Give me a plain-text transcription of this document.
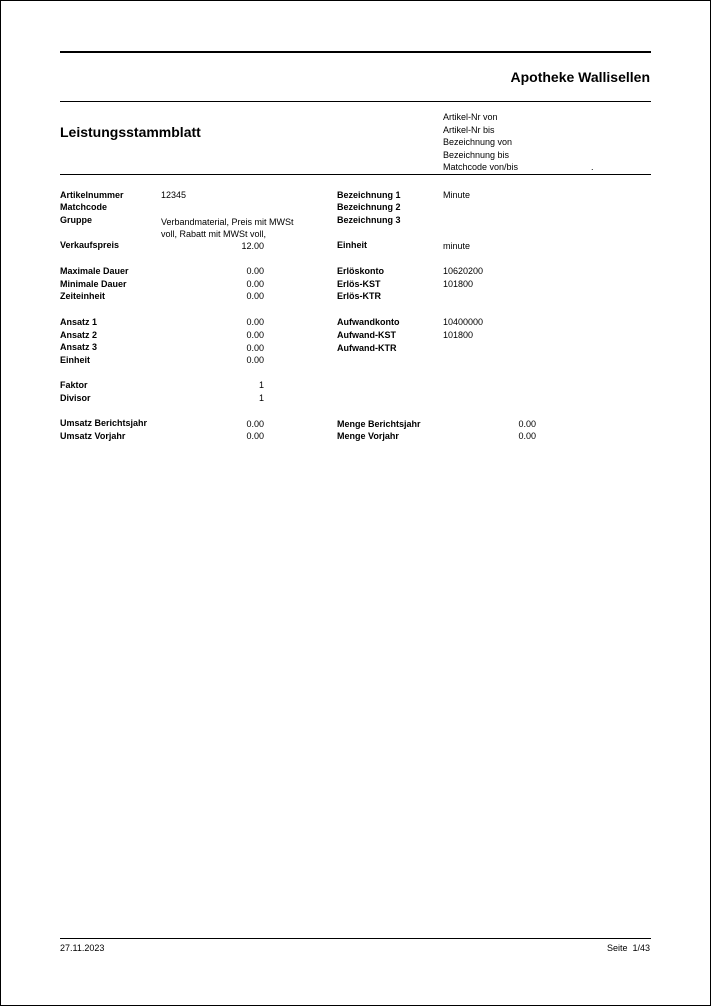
Apotheke Wallisellen
Leistungsstammblatt
Artikel-Nr von
Artikel-Nr bis
Bezeichnung von
Bezeichnung bis
Matchcode von/bis	.
Artikelnummer	12345
Matchcode
Gruppe	Verbandmaterial, Preis mit MWSt voll, Rabatt mit MWSt voll,
Verkaufspreis	12.00
Maximale Dauer	0.00
Minimale Dauer	0.00
Zeiteinheit	0.00
Ansatz 1	0.00
Ansatz 2	0.00
Ansatz 3	0.00
Einheit	0.00
Faktor	1
Divisor	1
Umsatz Berichtsjahr	0.00
Umsatz Vorjahr	0.00
Bezeichnung 1	Minute
Bezeichnung 2
Bezeichnung 3
Einheit	minute
Erlöskonto	10620200
Erlös-KST	101800
Erlös-KTR
Aufwandkonto	10400000
Aufwand-KST	101800
Aufwand-KTR
Menge Berichtsjahr	0.00
Menge Vorjahr	0.00
27.11.2023	Seite 1/43
